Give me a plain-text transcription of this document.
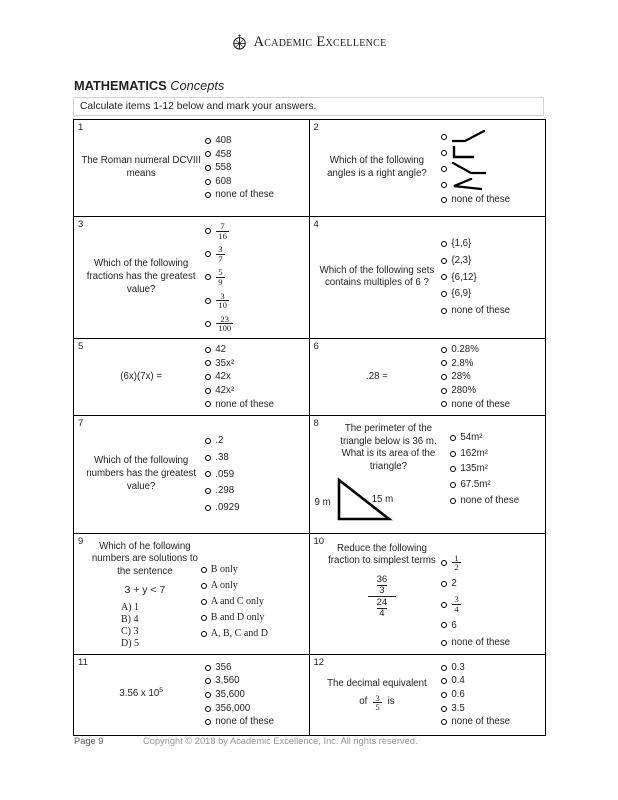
Academic Excellence
MATHEMATICS Concepts
Calculate items 1-12 below and mark your answers.
1
The Roman numeral DCVIII means
408
458
558
608
none of these
2
Which of the following angles is a right angle?
none of these
3
Which of the following fractions has the greatest value?
$\frac{7}{16}$
$\frac{3}{7}$
$\frac{5}{9}$
$\frac{3}{10}$
$\frac{23}{100}$
4
Which of the following sets contains multiples of 6 ?
{1,6}
{2,3}
{6,12}
{6,9}
none of these
5
(6x)(7x) =
42
35x²
42x
42x²
none of these
6
.28 =
0.28%
2.8%
28%
280%
none of these
7
Which of the following numbers has the greatest value?
.2
.38
.059
.298
.0929
8	The perimeter of the triangle below is 36 m. What is its area of the triangle?
9 m	15 m
54m²
162m²
135m²
67.5m²
none of these
9	Which of he following numbers are solutions to the sentence
3 + y < 7
A) 1
B) 4
C) 3
D) 5
B only
A only
A and C only
B and D only
A, B, C and D
10
Reduce the following fraction to simplest terms
$\frac{36}{3}$
$\frac{24}{4}$
$\frac{1}{2}$
2
$\frac{3}{4}$
6
none of these
11
3.56 x $10^5$
356
3,560
35,600
356,000
none of these
12
The decimal equivalent
of $\frac{3}{5}$ is
0.3
0.4
0.6
3.5
none of these
Page 9	Copyright © 2018 by Academic Excellence, Inc. All rights reserved.
